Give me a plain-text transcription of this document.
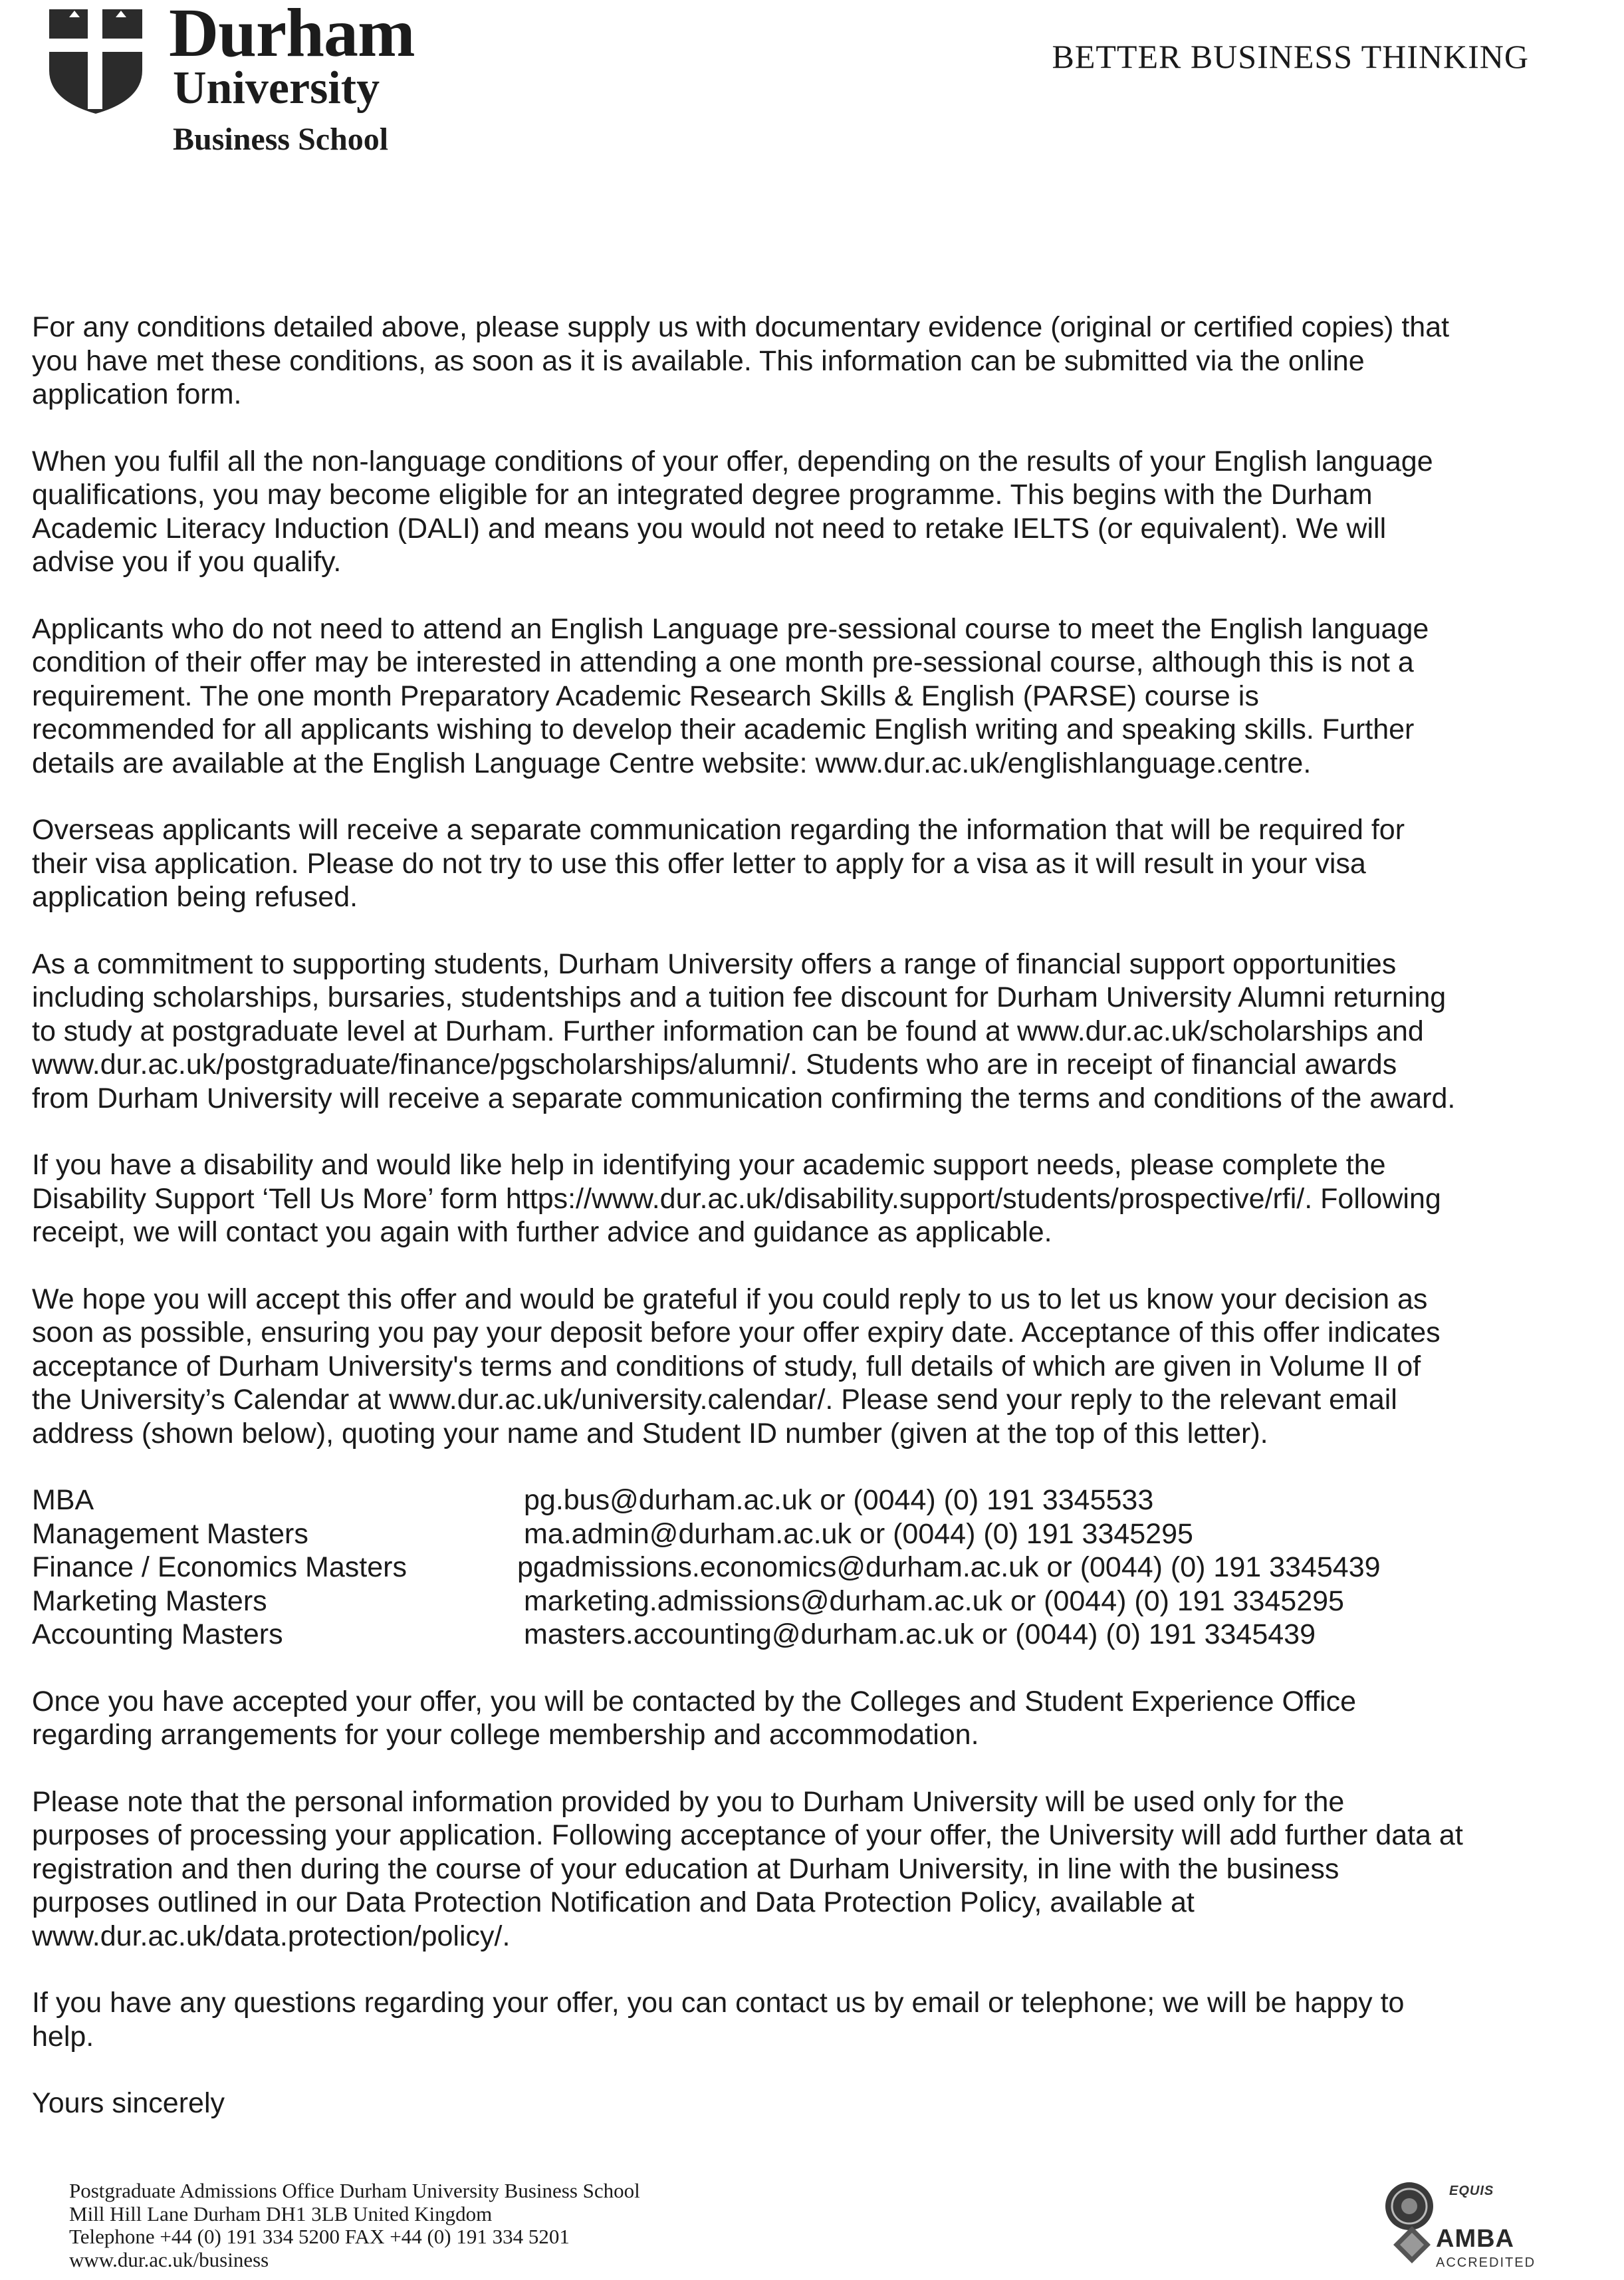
Durham
University
Business School
BETTER BUSINESS THINKING

For any conditions detailed above, please supply us with documentary evidence (original or certified copies) that
you have met these conditions, as soon as it is available. This information can be submitted via the online
application form.

When you fulfil all the non-language conditions of your offer, depending on the results of your English language
qualifications, you may become eligible for an integrated degree programme. This begins with the Durham
Academic Literacy Induction (DALI) and means you would not need to retake IELTS (or equivalent). We will
advise you if you qualify.

Applicants who do not need to attend an English Language pre-sessional course to meet the English language
condition of their offer may be interested in attending a one month pre-sessional course, although this is not a
requirement. The one month Preparatory Academic Research Skills & English (PARSE) course is
recommended for all applicants wishing to develop their academic English writing and speaking skills. Further
details are available at the English Language Centre website: www.dur.ac.uk/englishlanguage.centre.

Overseas applicants will receive a separate communication regarding the information that will be required for
their visa application. Please do not try to use this offer letter to apply for a visa as it will result in your visa
application being refused.

As a commitment to supporting students, Durham University offers a range of financial support opportunities
including scholarships, bursaries, studentships and a tuition fee discount for Durham University Alumni returning
to study at postgraduate level at Durham. Further information can be found at www.dur.ac.uk/scholarships and
www.dur.ac.uk/postgraduate/finance/pgscholarships/alumni/. Students who are in receipt of financial awards
from Durham University will receive a separate communication confirming the terms and conditions of the award.

If you have a disability and would like help in identifying your academic support needs, please complete the
Disability Support ‘Tell Us More’ form https://www.dur.ac.uk/disability.support/students/prospective/rfi/. Following
receipt, we will contact you again with further advice and guidance as applicable.

We hope you will accept this offer and would be grateful if you could reply to us to let us know your decision as
soon as possible, ensuring you pay your deposit before your offer expiry date. Acceptance of this offer indicates
acceptance of Durham University's terms and conditions of study, full details of which are given in Volume II of
the University’s Calendar at www.dur.ac.uk/university.calendar/. Please send your reply to the relevant email
address (shown below), quoting your name and Student ID number (given at the top of this letter).

MBA	pg.bus@durham.ac.uk or (0044) (0) 191 3345533
Management Masters	ma.admin@durham.ac.uk or (0044) (0) 191 3345295
Finance / Economics Masters	pgadmissions.economics@durham.ac.uk or (0044) (0) 191 3345439
Marketing Masters	marketing.admissions@durham.ac.uk or (0044) (0) 191 3345295
Accounting Masters	masters.accounting@durham.ac.uk or (0044) (0) 191 3345439

Once you have accepted your offer, you will be contacted by the Colleges and Student Experience Office
regarding arrangements for your college membership and accommodation.

Please note that the personal information provided by you to Durham University will be used only for the
purposes of processing your application. Following acceptance of your offer, the University will add further data at
registration and then during the course of your education at Durham University, in line with the business
purposes outlined in our Data Protection Notification and Data Protection Policy, available at
www.dur.ac.uk/data.protection/policy/.

If you have any questions regarding your offer, you can contact us by email or telephone; we will be happy to
help.

Yours sincerely

Postgraduate Admissions Office Durham University Business School
Mill Hill Lane Durham DH1 3LB United Kingdom
Telephone +44 (0) 191 334 5200 FAX +44 (0) 191 334 5201
www.dur.ac.uk/business
EQUIS
AMBA
ACCREDITED
